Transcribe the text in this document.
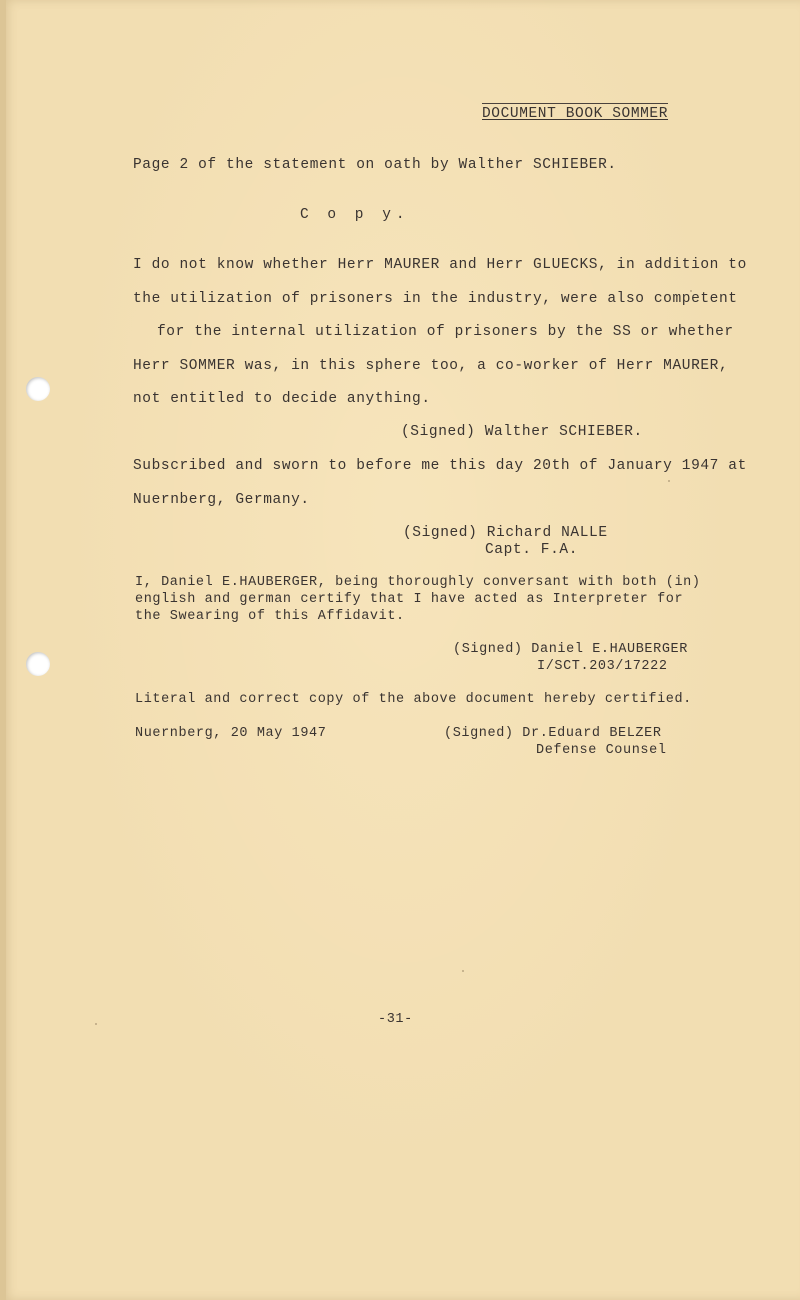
DOCUMENT BOOK SOMMER
Page 2 of the statement on oath by Walther SCHIEBER.
C o p y.
I do not know whether Herr MAURER and Herr GLUECKS, in addition to
the utilization of prisoners in the industry, were also competent
for the internal utilization of prisoners by the SS or whether
Herr SOMMER was, in this sphere too, a co-worker of Herr MAURER,
not entitled to decide anything.
(Signed) Walther SCHIEBER.
Subscribed and sworn to before me this day 20th of January 1947 at
Nuernberg, Germany.
(Signed) Richard NALLE
Capt. F.A.
I, Daniel E.HAUBERGER, being thoroughly conversant with both (in)
english and german certify that I have acted as Interpreter for
the Swearing of this Affidavit.
(Signed) Daniel E.HAUBERGER
I/SCT.203/17222
Literal and correct copy of the above document hereby certified.
Nuernberg, 20 May 1947	(Signed) Dr.Eduard BELZER
Defense Counsel
-31-
